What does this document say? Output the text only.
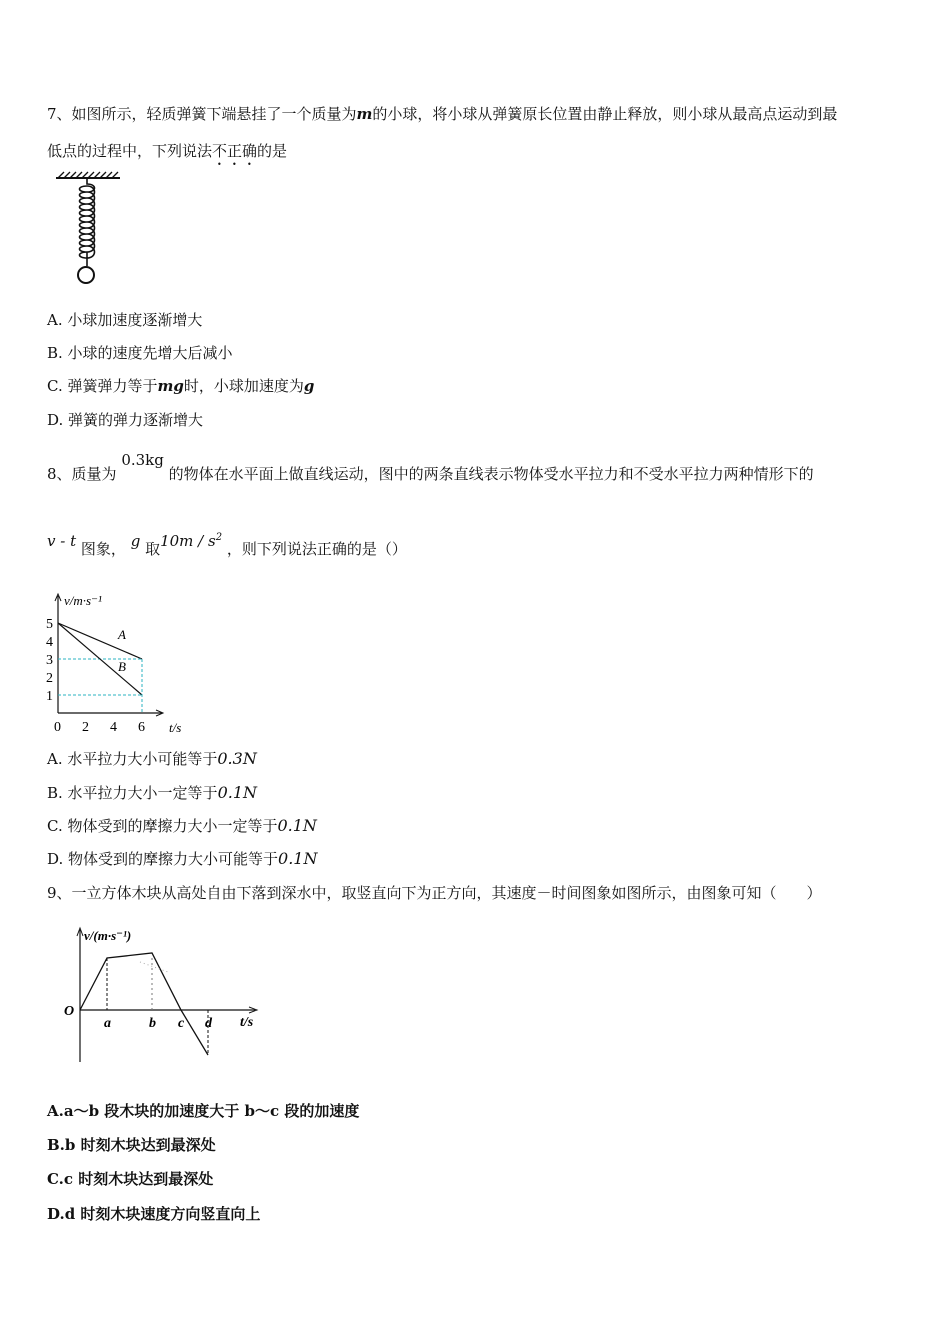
7、如图所示，轻质弹簧下端悬挂了一个质量为m的小球，将小球从弹簧原长位置由静止释放，则小球从最高点运动到最
低点的过程中，下列说法不正确的是
A. 小球加速度逐渐增大
B. 小球的速度先增大后减小
C. 弹簧弹力等于mg时，小球加速度为g
D. 弹簧的弹力逐渐增大
8、质量为 0.3kg 的物体在水平面上做直线运动，图中的两条直线表示物体受水平拉力和不受水平拉力两种情形下的
v - t 图象， g 取$10m / s^2$ ，则下列说法正确的是（）
1
2
3
4
5
0 2 4 6
A
B
v/m·s⁻¹
t/s
A. 水平拉力大小可能等于0.3N
B. 水平拉力大小一定等于0.1N
C. 物体受到的摩擦力大小一定等于0.1N
D. 物体受到的摩擦力大小可能等于0.1N
9、一立方体木块从高处自由下落到深水中，取竖直向下为正方向，其速度－时间图象如图所示，由图象可知（　　）
v/(m·s⁻¹)
t/s
O
a	b c d
A.a～b 段木块的加速度大于 b～c 段的加速度
B.b 时刻木块达到最深处
C.c 时刻木块达到最深处
D.d 时刻木块速度方向竖直向上
